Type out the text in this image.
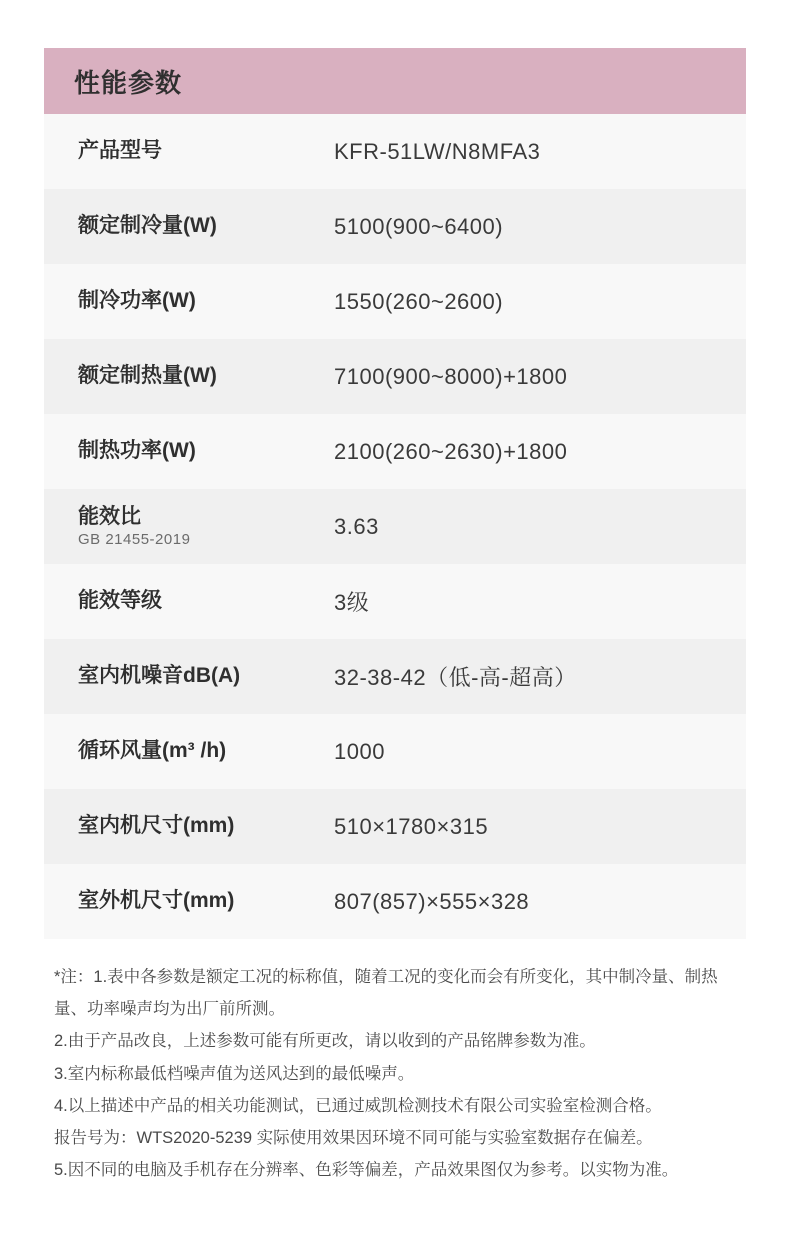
性能参数	
产品型号	KFR-51LW/N8MFA3
额定制冷量(W)	5100(900~6400)
制冷功率(W)	1550(260~2600)
额定制热量(W)	7100(900~8000)+1800
制热功率(W)	2100(260~2630)+1800
能效比
GB 21455-2019	3.63
能效等级	3级
室内机噪音dB(A)	32-38-42（低-高-超高）
循环风量(m³ /h)	1000
室内机尺寸(mm)	510×1780×315
室外机尺寸(mm)	807(857)×555×328
*注：1.表中各参数是额定工况的标称值，随着工况的变化而会有所变化，其中制冷量、制热量、功率噪声均为出厂前所测。
2.由于产品改良，上述参数可能有所更改，请以收到的产品铭牌参数为准。
3.室内标称最低档噪声值为送风达到的最低噪声。
4.以上描述中产品的相关功能测试，已通过威凯检测技术有限公司实验室检测合格。
报告号为：WTS2020-5239 实际使用效果因环境不同可能与实验室数据存在偏差。
5.因不同的电脑及手机存在分辨率、色彩等偏差，产品效果图仅为参考。以实物为准。
